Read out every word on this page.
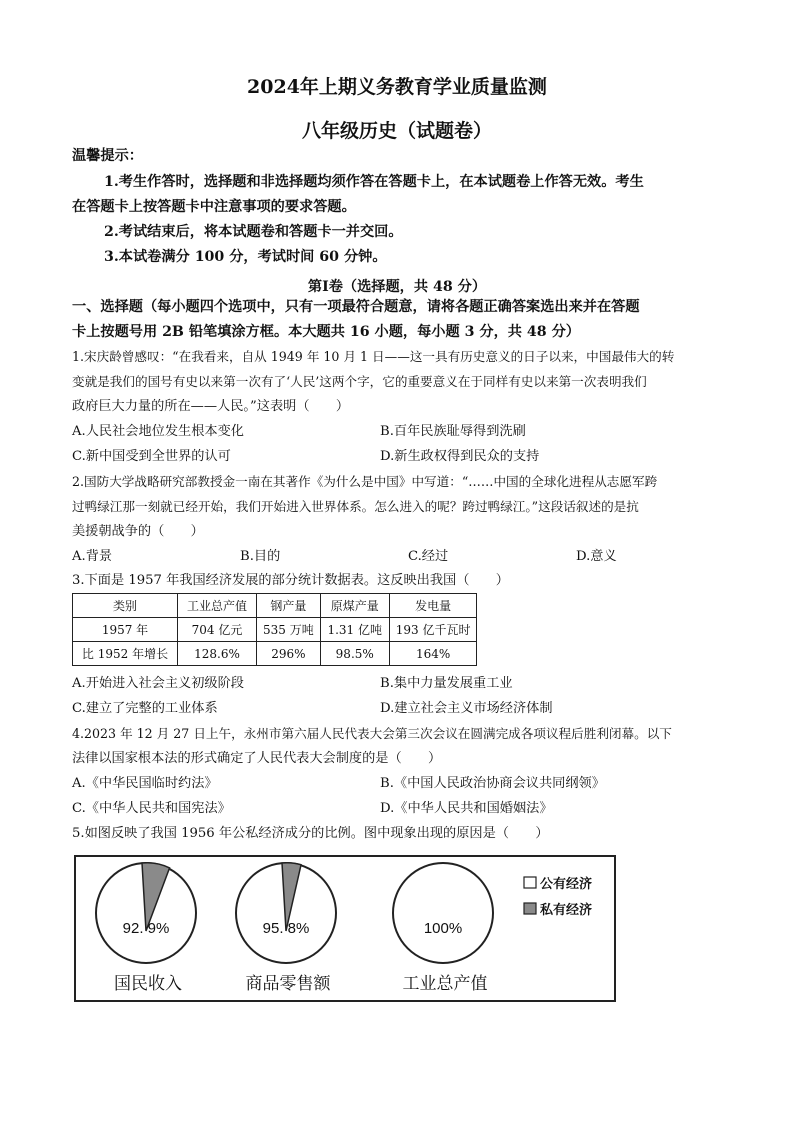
2024年上期义务教育学业质量监测
八年级历史（试题卷）
温馨提示：
1.考生作答时，选择题和非选择题均须作答在答题卡上，在本试题卷上作答无效。考生
在答题卡上按答题卡中注意事项的要求答题。
2.考试结束后，将本试题卷和答题卡一并交回。
3.本试卷满分 100 分，考试时间 60 分钟。
第Ⅰ卷（选择题，共 48 分）
一、选择题（每小题四个选项中，只有一项最符合题意，请将各题正确答案选出来并在答题
卡上按题号用 2B 铅笔填涂方框。本大题共 16 小题，每小题 3 分，共 48 分）
1.宋庆龄曾感叹：“在我看来，自从 1949 年 10 月 1 日——这一具有历史意义的日子以来，中国最伟大的转
变就是我们的国号有史以来第一次有了‘人民’这两个字，它的重要意义在于同样有史以来第一次表明我们
政府巨大力量的所在——人民。”这表明（　　）
A.人民社会地位发生根本变化	B.百年民族耻辱得到洗刷
C.新中国受到全世界的认可	D.新生政权得到民众的支持
2.国防大学战略研究部教授金一南在其著作《为什么是中国》中写道：“……中国的全球化进程从志愿军跨
过鸭绿江那一刻就已经开始，我们开始进入世界体系。怎么进入的呢？跨过鸭绿江。”这段话叙述的是抗
美援朝战争的（　　）
A.背景	B.目的	C.经过	D.意义
3.下面是 1957 年我国经济发展的部分统计数据表。这反映出我国（　　）
类别	工业总产值	钢产量	原煤产量	发电量
1957 年	704 亿元	535 万吨	1.31 亿吨	193 亿千瓦时
比 1952 年增长	128.6%	296%	98.5%	164%
A.开始进入社会主义初级阶段	B.集中力量发展重工业
C.建立了完整的工业体系	D.建立社会主义市场经济体制
4.2023 年 12 月 27 日上午，永州市第六届人民代表大会第三次会议在圆满完成各项议程后胜利闭幕。以下
法律以国家根本法的形式确定了人民代表大会制度的是（　　）
A.《中华民国临时约法》	B.《中国人民政治协商会议共同纲领》
C.《中华人民共和国宪法》	D.《中华人民共和国婚姻法》
5.如图反映了我国 1956 年公私经济成分的比例。图中现象出现的原因是（　　）
92. 9%
国民收入
95. 8%
商品零售额
100%
工业总产值
公有经济
私有经济
